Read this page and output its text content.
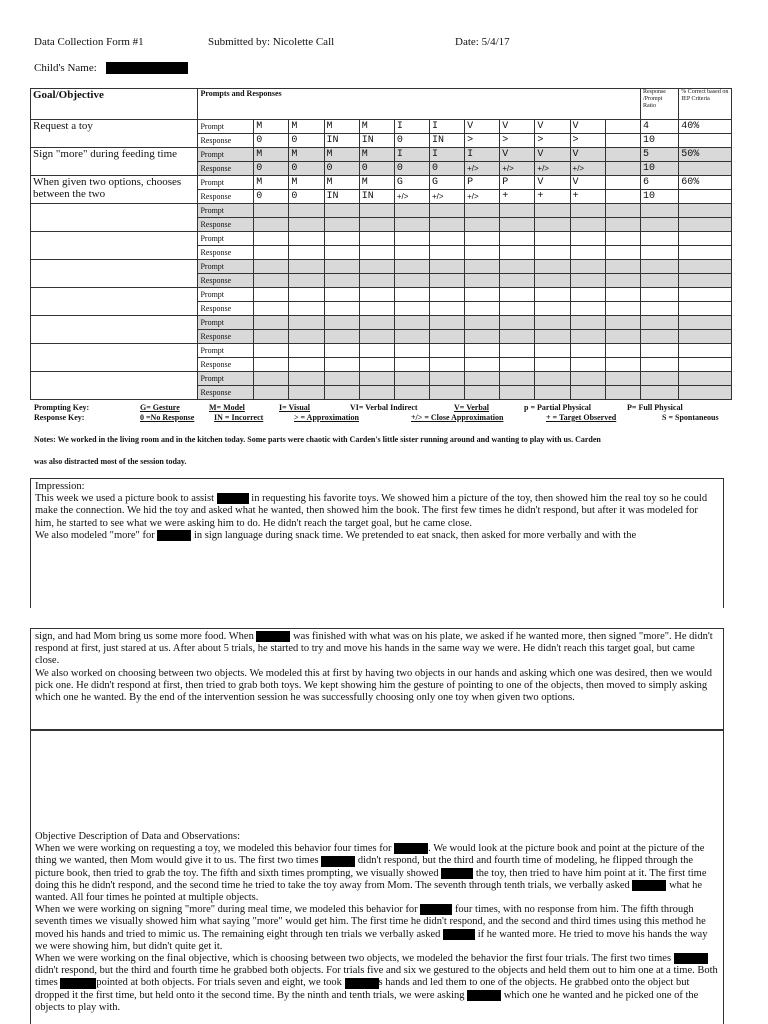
Data Collection Form #1	Submitted by: Nicolette Call	Date: 5/4/17
Child's Name:
Goal/Objective	Prompts and Responses												Response /Prompt Ratio	% Correct based on IEP Criteria
Request a toy	Prompt	M	M	M	M	I	I	V	V	V	V		4	40%
	Response	0	0	IN	IN	0	IN	>	>	>	>		10	
Sign "more" during feeding time	Prompt	M	M	M	M	I	I	I	V	V	V		5	50%
	Response	0	0	0	0	0	0	+/>	+/>	+/>	+/>		10	
When given two options, chooses between the two	Prompt	M	M	M	M	G	G	P	P	V	V		6	60%
	Response	0	0	IN	IN	+/>	+/>	+/>	+	+	+		10	
	Prompt													
	Response													
	Prompt													
	Response													
	Prompt													
	Response													
	Prompt													
	Response													
	Prompt													
	Response													
	Prompt													
	Response													
	Prompt													
	Response													
Prompting Key:	G= Gesture	M= Model	I= Visual	VI= Verbal Indirect	V= Verbal	p = Partial Physical	P= Full Physical
Response Key:	0 =No Response IN = Incorrect	> = Approximation	+/> = Close Approximation	+ = Target Observed	S = Spontaneous
Notes: We worked in the living room and in the kitchen today. Some parts were chaotic with Carden's little sister running around and wanting to play with us. Carden
was also distracted most of the session today.

Impression:

This week we used a picture book to assist	in requesting his favorite toys. We showed him a picture of the toy, then showed him the real toy so he could make the connection. We hid the toy and asked what he wanted, then showed him the book. The first few times he didn't respond, but after it was modeled for him, he started to see what we were asking him to do. He didn't reach the target goal, but he came close.

We also modeled "more" for	in sign language during snack time. We pretended to eat snack, then asked for more verbally and with the

sign, and had Mom bring us some more food. When	was finished with what was on his plate, we asked if he wanted more, then signed "more". He didn't respond at first, just stared at us. After about 5 trials, he started to try and move his hands in the same way we were. He didn't reach this target goal, but came close.

We also worked on choosing between two objects. We modeled this at first by having two objects in our hands and asking which one was desired, then we would pick one. He didn't respond at first, then tried to grab both toys. We kept showing him the gesture of pointing to one of the objects, then moved to simply asking which one he wanted. By the end of the intervention session he was successfully choosing only one toy when given two options.

Objective Description of Data and Observations:

When we were working on requesting a toy, we modeled this behavior four times for	. We would look at the picture book and point at the picture of the thing we wanted, then Mom would give it to us. The first two times	didn't respond, but the third and fourth time of modeling, he flipped through the picture book, then tried to grab the toy. The fifth and sixth times prompting, we visually showed	the toy, then tried to have him point at it. The first time doing this he didn't respond, and the second time he tried to take the toy away from Mom. The seventh through tenth trials, we verbally asked	what he wanted. All four times he pointed at multiple objects.

When we were working on signing "more" during meal time, we modeled this behavior for	four times, with no response from him. The fifth through seventh times we visually showed him what saying "more" would get him. The first time he didn't respond, and the second and third times using this method he moved his hands and tried to mimic us. The remaining eight through ten trials we verbally asked	if he wanted more. He tried to move his hands the way we were showing him, but didn't quite get it.

When we were working on the final objective, which is choosing between two objects, we modeled the behavior the first four trials. The first two times  didn't respond, but the third and fourth time he grabbed both objects. For trials five and six we gestured to the objects and held them out to him one at a time. Both times	pointed at both objects. For trials seven and eight, we took	s hands and led them to one of the objects. He grabbed onto the object but dropped it the first time, but held onto it the second time. By the ninth and tenth trials, we were asking	which one he wanted and he picked one of the objects to play with.
